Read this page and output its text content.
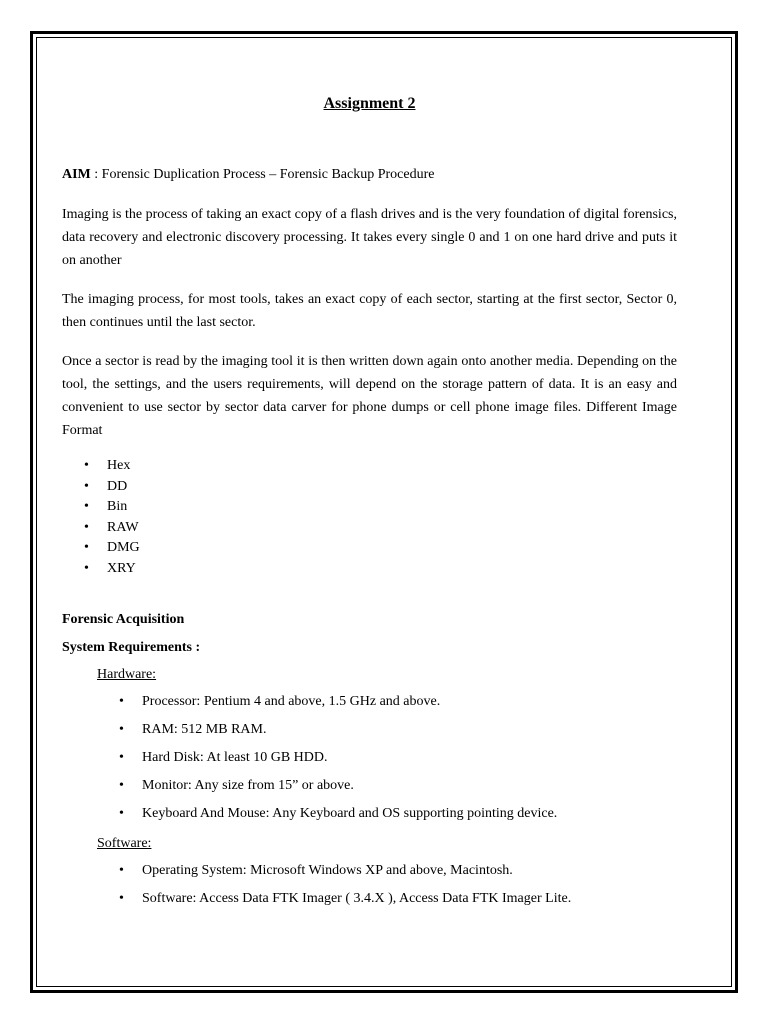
Assignment 2
AIM : Forensic Duplication Process – Forensic Backup Procedure
Imaging is the process of taking an exact copy of a flash drives and is the very foundation of digital forensics, data recovery and electronic discovery processing. It takes every single 0 and 1 on one hard drive and puts it on another
The imaging process, for most tools, takes an exact copy of each sector, starting at the first sector, Sector 0, then continues until the last sector.
Once a sector is read by the imaging tool it is then written down again onto another media. Depending on the tool, the settings, and the users requirements, will depend on the storage pattern of data. It is an easy and convenient to use sector by sector data carver for phone dumps or cell phone image files. Different Image Format
• Hex
• DD
• Bin
• RAW
• DMG
• XRY
Forensic Acquisition
System Requirements :
Hardware:
• Processor: Pentium 4 and above, 1.5 GHz and above.
• RAM: 512 MB RAM.
• Hard Disk: At least 10 GB HDD.
• Monitor: Any size from 15” or above.
• Keyboard And Mouse: Any Keyboard and OS supporting pointing device.
Software:
• Operating System: Microsoft Windows XP and above, Macintosh.
• Software: Access Data FTK Imager ( 3.4.X ), Access Data FTK Imager Lite.
